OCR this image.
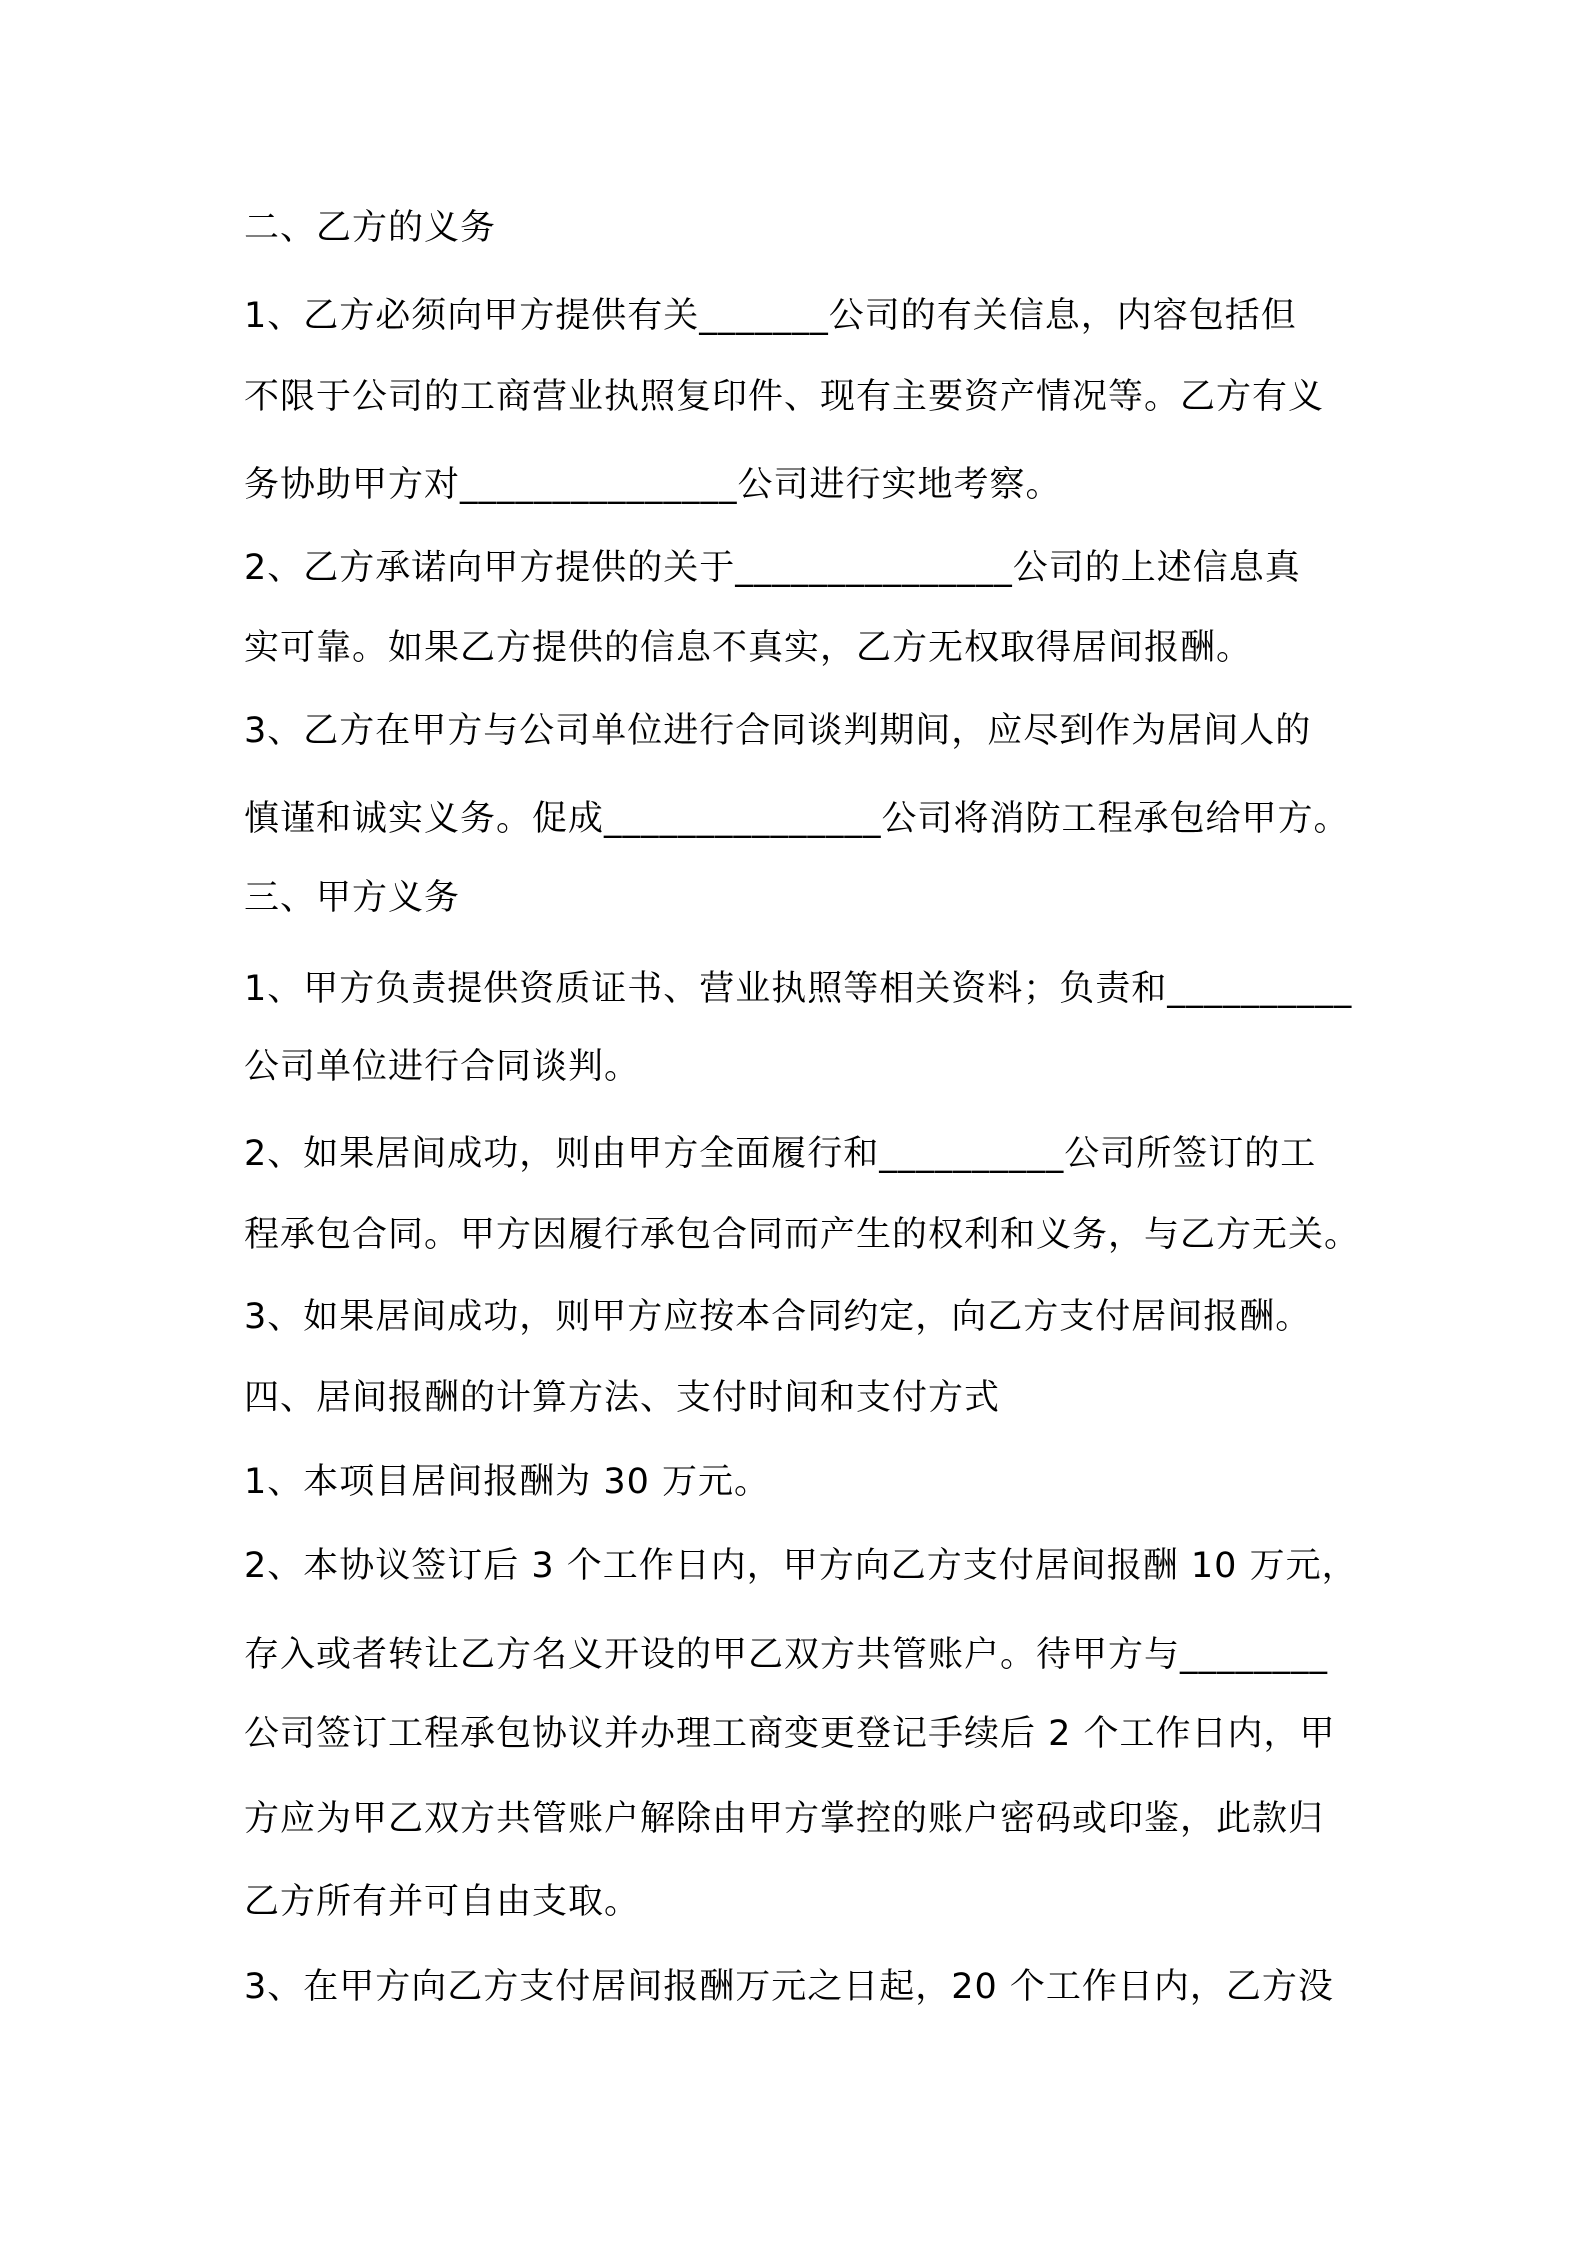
二、乙方的义务

1、乙方必须向甲方提供有关_______公司的有关信息，内容包括但

不限于公司的工商营业执照复印件、现有主要资产情况等。乙方有义

务协助甲方对_______________公司进行实地考察。

2、乙方承诺向甲方提供的关于_______________公司的上述信息真

实可靠。如果乙方提供的信息不真实，乙方无权取得居间报酬。

3、乙方在甲方与公司单位进行合同谈判期间，应尽到作为居间人的

慎谨和诚实义务。促成_______________公司将消防工程承包给甲方。

三、甲方义务

1、甲方负责提供资质证书、营业执照等相关资料；负责和__________

公司单位进行合同谈判。

2、如果居间成功，则由甲方全面履行和__________公司所签订的工

程承包合同。甲方因履行承包合同而产生的权利和义务，与乙方无关。

3、如果居间成功，则甲方应按本合同约定，向乙方支付居间报酬。

四、居间报酬的计算方法、支付时间和支付方式

1、本项目居间报酬为 30 万元。

2、本协议签订后 3 个工作日内，甲方向乙方支付居间报酬 10 万元，

存入或者转让乙方名义开设的甲乙双方共管账户。待甲方与________

公司签订工程承包协议并办理工商变更登记手续后 2 个工作日内，甲

方应为甲乙双方共管账户解除由甲方掌控的账户密码或印鉴，此款归

乙方所有并可自由支取。

3、在甲方向乙方支付居间报酬万元之日起，20 个工作日内，乙方没
